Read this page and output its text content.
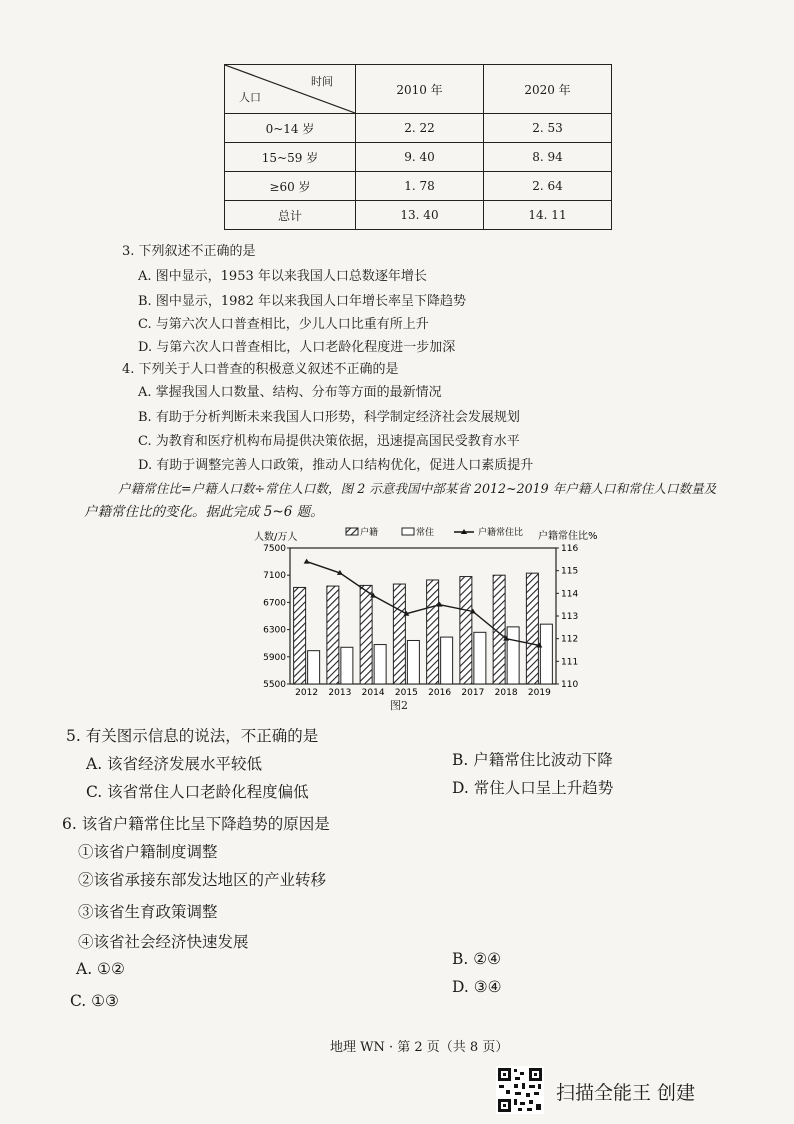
时间
人口	2010 年	2020 年
0~14 岁	2. 22	2. 53
15~59 岁	9. 40	8. 94
≥60 岁	1. 78	2. 64
总计	13. 40	14. 11
3. 下列叙述不正确的是
A. 图中显示，1953 年以来我国人口总数逐年增长
B. 图中显示，1982 年以来我国人口年增长率呈下降趋势
C. 与第六次人口普查相比，少儿人口比重有所上升
D. 与第六次人口普查相比，人口老龄化程度进一步加深
4. 下列关于人口普查的积极意义叙述不正确的是
A. 掌握我国人口数量、结构、分布等方面的最新情况
B. 有助于分析判断未来我国人口形势，科学制定经济社会发展规划
C. 为教育和医疗机构布局提供决策依据，迅速提高国民受教育水平
D. 有助于调整完善人口政策，推动人口结构优化，促进人口素质提升
户籍常住比=户籍人口数÷常住人口数，图 2 示意我国中部某省 2012~2019 年户籍人口和常住人口数量及
户籍常住比的变化。据此完成 5~6 题。
5500
5900
6300
6700
7100
7500
110
111
112
113
114
115
116
2012 2013 2014 2015 2016 2017 2018 2019
人数/万人	户籍常住比%
户籍	常住	户籍常住比
图2
5. 有关图示信息的说法，不正确的是
A. 该省经济发展水平较低	B. 户籍常住比波动下降
C. 该省常住人口老龄化程度偏低	D. 常住人口呈上升趋势
6. 该省户籍常住比呈下降趋势的原因是
①该省户籍制度调整
②该省承接东部发达地区的产业转移
③该省生育政策调整
④该省社会经济快速发展
A. ①②
B. ②④
C. ①③
D. ③④
地理 WN · 第 2 页（共 8 页）
扫描全能王 创建
